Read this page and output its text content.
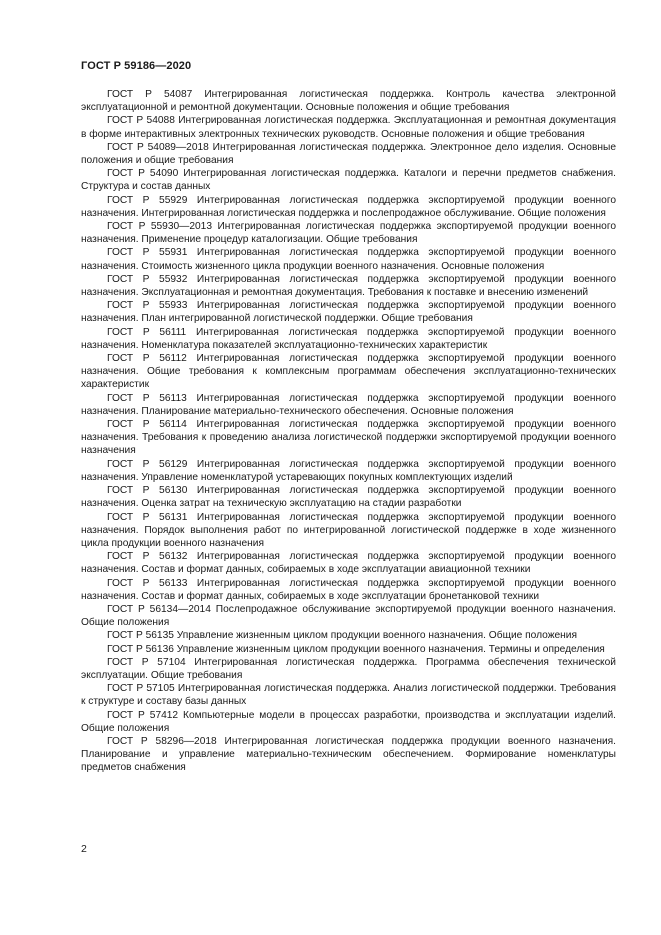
ГОСТ Р 59186—2020

ГОСТ Р 54087 Интегрированная логистическая поддержка. Контроль качества электронной эксплуатационной и ремонтной документации. Основные положения и общие требования

ГОСТ Р 54088 Интегрированная логистическая поддержка. Эксплуатационная и ремонтная документация в форме интерактивных электронных технических руководств. Основные положения и общие требования

ГОСТ Р 54089—2018 Интегрированная логистическая поддержка. Электронное дело изделия. Основные положения и общие требования

ГОСТ Р 54090 Интегрированная логистическая поддержка. Каталоги и перечни предметов снабжения. Структура и состав данных

ГОСТ Р 55929 Интегрированная логистическая поддержка экспортируемой продукции военного назначения. Интегрированная логистическая поддержка и послепродажное обслуживание. Общие положения

ГОСТ Р 55930—2013 Интегрированная логистическая поддержка экспортируемой продукции военного назначения. Применение процедур каталогизации. Общие требования

ГОСТ Р 55931 Интегрированная логистическая поддержка экспортируемой продукции военного назначения. Стоимость жизненного цикла продукции военного назначения. Основные положения

ГОСТ Р 55932 Интегрированная логистическая поддержка экспортируемой продукции военного назначения. Эксплуатационная и ремонтная документация. Требования к поставке и внесению изменений

ГОСТ Р 55933 Интегрированная логистическая поддержка экспортируемой продукции военного назначения. План интегрированной логистической поддержки. Общие требования

ГОСТ Р 56111 Интегрированная логистическая поддержка экспортируемой продукции военного назначения. Номенклатура показателей эксплуатационно-технических характеристик

ГОСТ Р 56112 Интегрированная логистическая поддержка экспортируемой продукции военного назначения. Общие требования к комплексным программам обеспечения эксплуатационно-технических характеристик

ГОСТ Р 56113 Интегрированная логистическая поддержка экспортируемой продукции военного назначения. Планирование материально-технического обеспечения. Основные положения

ГОСТ Р 56114 Интегрированная логистическая поддержка экспортируемой продукции военного назначения. Требования к проведению анализа логистической поддержки экспортируемой продукции военного назначения

ГОСТ Р 56129 Интегрированная логистическая поддержка экспортируемой продукции военного назначения. Управление номенклатурой устаревающих покупных комплектующих изделий

ГОСТ Р 56130 Интегрированная логистическая поддержка экспортируемой продукции военного назначения. Оценка затрат на техническую эксплуатацию на стадии разработки

ГОСТ Р 56131 Интегрированная логистическая поддержка экспортируемой продукции военного назначения. Порядок выполнения работ по интегрированной логистической поддержке в ходе жизненного цикла продукции военного назначения

ГОСТ Р 56132 Интегрированная логистическая поддержка экспортируемой продукции военного назначения. Состав и формат данных, собираемых в ходе эксплуатации авиационной техники

ГОСТ Р 56133 Интегрированная логистическая поддержка экспортируемой продукции военного назначения. Состав и формат данных, собираемых в ходе эксплуатации бронетанковой техники

ГОСТ Р 56134—2014 Послепродажное обслуживание экспортируемой продукции военного назначения. Общие положения

ГОСТ Р 56135 Управление жизненным циклом продукции военного назначения. Общие положения

ГОСТ Р 56136 Управление жизненным циклом продукции военного назначения. Термины и определения

ГОСТ Р 57104 Интегрированная логистическая поддержка. Программа обеспечения технической эксплуатации. Общие требования

ГОСТ Р 57105 Интегрированная логистическая поддержка. Анализ логистической поддержки. Требования к структуре и составу базы данных

ГОСТ Р 57412 Компьютерные модели в процессах разработки, производства и эксплуатации изделий. Общие положения

ГОСТ Р 58296—2018 Интегрированная логистическая поддержка продукции военного назначения. Планирование и управление материально-техническим обеспечением. Формирование номенклатуры предметов снабжения

2
